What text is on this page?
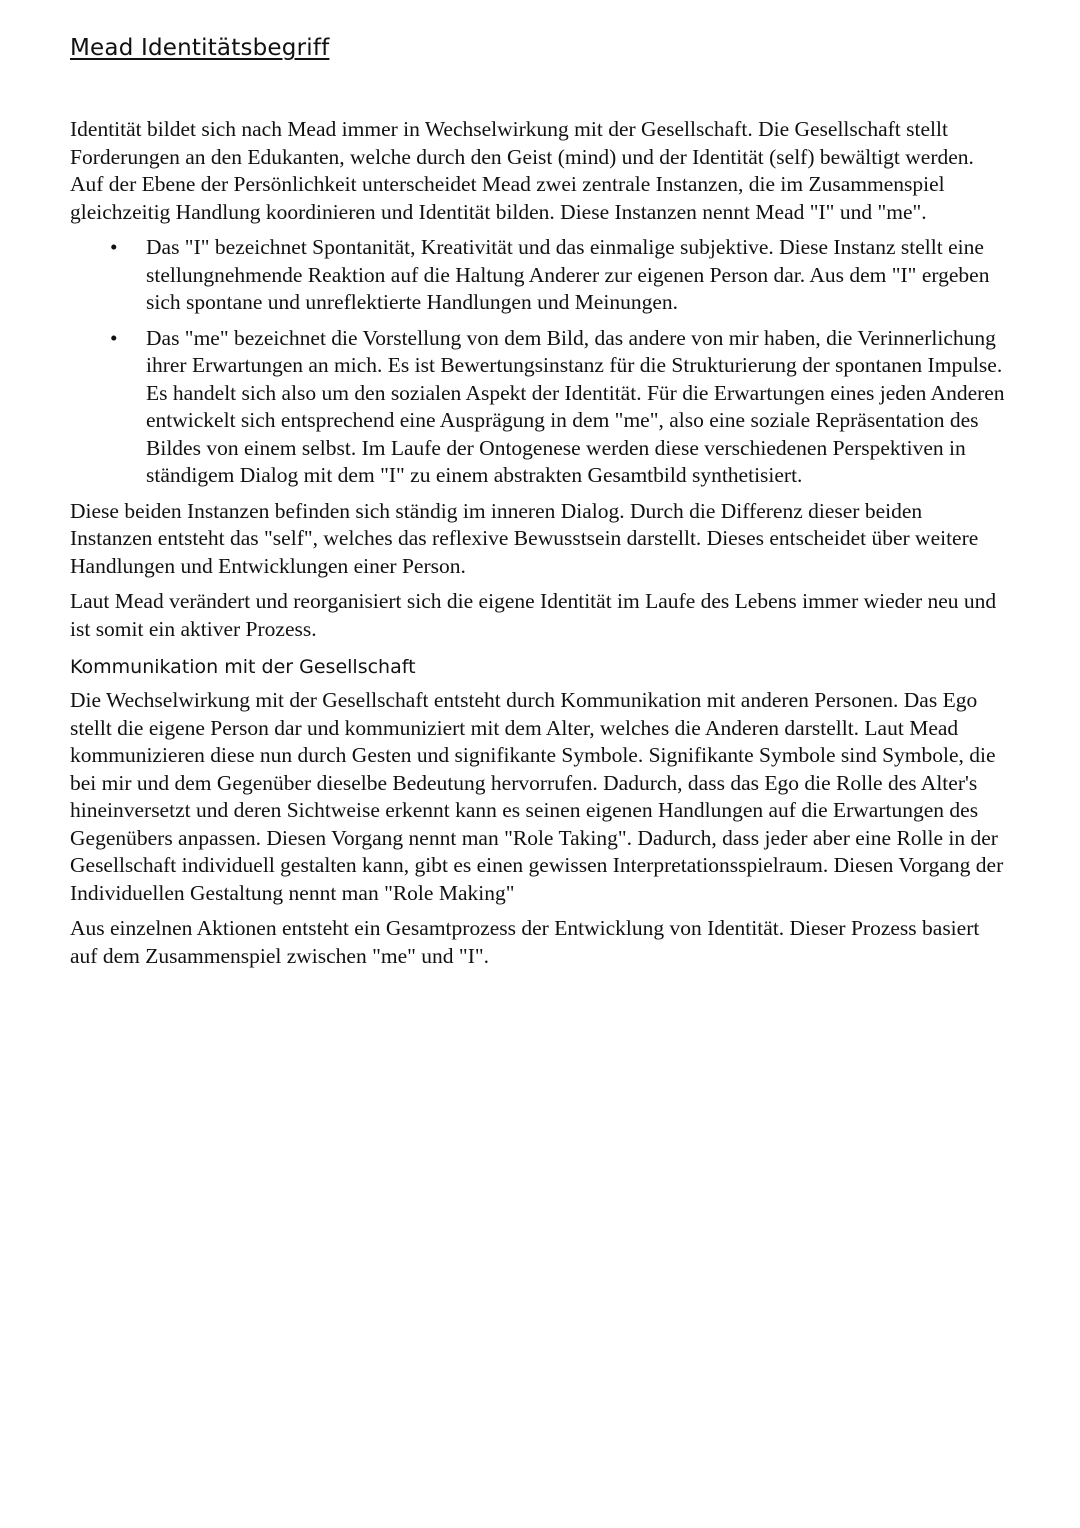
Mead Identitätsbegriff

Identität bildet sich nach Mead immer in Wechselwirkung mit der Gesellschaft. Die Gesellschaft stellt Forderungen an den Edukanten, welche durch den Geist (mind) und der Identität (self) bewältigt werden. Auf der Ebene der Persönlichkeit unterscheidet Mead zwei zentrale Instanzen, die im Zusammenspiel gleichzeitig Handlung koordinieren und Identität bilden. Diese Instanzen nennt Mead "I" und "me".

• Das "I" bezeichnet Spontanität, Kreativität und das einmalige subjektive. Diese Instanz stellt eine stellungnehmende Reaktion auf die Haltung Anderer zur eigenen Person dar. Aus dem "I" ergeben sich spontane und unreflektierte Handlungen und Meinungen.
• Das "me" bezeichnet die Vorstellung von dem Bild, das andere von mir haben, die Verinnerlichung ihrer Erwartungen an mich. Es ist Bewertungsinstanz für die Strukturierung der spontanen Impulse. Es handelt sich also um den sozialen Aspekt der Identität. Für die Erwartungen eines jeden Anderen entwickelt sich entsprechend eine Ausprägung in dem "me", also eine soziale Repräsentation des Bildes von einem selbst. Im Laufe der Ontogenese werden diese verschiedenen Perspektiven in ständigem Dialog mit dem "I" zu einem abstrakten Gesamtbild synthetisiert.

Diese beiden Instanzen befinden sich ständig im inneren Dialog. Durch die Differenz dieser beiden Instanzen entsteht das "self", welches das reflexive Bewusstsein darstellt. Dieses entscheidet über weitere Handlungen und Entwicklungen einer Person.

Laut Mead verändert und reorganisiert sich die eigene Identität im Laufe des Lebens immer wieder neu und ist somit ein aktiver Prozess.

Kommunikation mit der Gesellschaft

Die Wechselwirkung mit der Gesellschaft entsteht durch Kommunikation mit anderen Personen. Das Ego stellt die eigene Person dar und kommuniziert mit dem Alter, welches die Anderen darstellt. Laut Mead kommunizieren diese nun durch Gesten und signifikante Symbole. Signifikante Symbole sind Symbole, die bei mir und dem Gegenüber dieselbe Bedeutung hervorrufen. Dadurch, dass das Ego die Rolle des Alter's hineinversetzt und deren Sichtweise erkennt kann es seinen eigenen Handlungen auf die Erwartungen des Gegenübers anpassen. Diesen Vorgang nennt man "Role Taking". Dadurch, dass jeder aber eine Rolle in der Gesellschaft individuell gestalten kann, gibt es einen gewissen Interpretationsspielraum. Diesen Vorgang der Individuellen Gestaltung nennt man "Role Making"

Aus einzelnen Aktionen entsteht ein Gesamtprozess der Entwicklung von Identität. Dieser Prozess basiert auf dem Zusammenspiel zwischen "me" und "I".
